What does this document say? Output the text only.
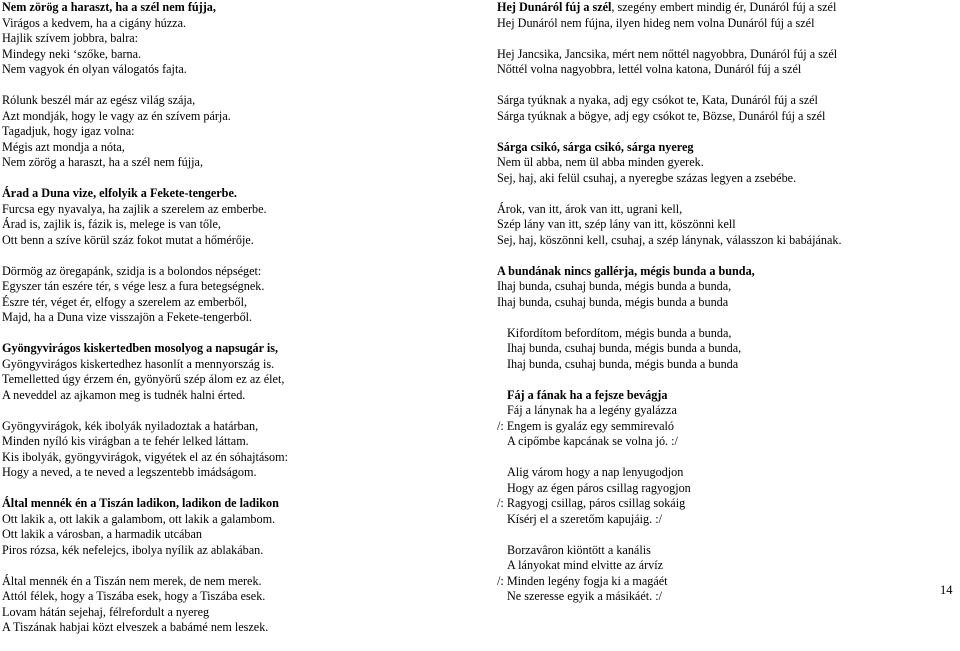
Nem zörög a haraszt, ha a szél nem fújja,
Virágos a kedvem, ha a cigány húzza.
Hajlik szívem jobbra, balra:
Mindegy neki ‘szőke, barna.
Nem vagyok én olyan válogatós fajta.
Rólunk beszél már az egész világ szája,
Azt mondják, hogy le vagy az én szívem párja.
Tagadjuk, hogy igaz volna:
Mégis azt mondja a nóta,
Nem zörög a haraszt, ha a szél nem fújja,
Árad a Duna vize, elfolyik a Fekete-tengerbe.
Furcsa egy nyavalya, ha zajlik a szerelem az emberbe.
Árad is, zajlik is, fázik is, melege is van tőle,
Ott benn a szíve körül száz fokot mutat a hőmérője.
Dörmög az öregapánk, szidja is a bolondos népséget:
Egyszer tán eszére tér, s vége lesz a fura betegségnek.
Észre tér, véget ér, elfogy a szerelem az emberből,
Majd, ha a Duna vize visszajön a Fekete-tengerből.
Gyöngyvirágos kiskertedben mosolyog a napsugár is,
Gyöngyvirágos kiskertedhez hasonlít a mennyország is.
Temelletted úgy érzem én, gyönyörű szép álom ez az élet,
A neveddel az ajkamon meg is tudnék halni érted.
Gyöngyvirágok, kék ibolyák nyiladoztak a határban,
Minden nyíló kis virágban a te fehér lelked láttam.
Kis ibolyák, gyöngyvirágok, vigyétek el az én sóhajtásom:
Hogy a neved, a te neved a legszentebb imádságom.
Által mennék én a Tiszán ladikon, ladikon de ladikon
Ott lakik a, ott lakik a galambom, ott lakik a galambom.
Ott lakik a városban, a harmadik utcában
Piros rózsa, kék nefelejcs, ibolya nyílik az ablakában.
Által mennék én a Tiszán nem merek, de nem merek.
Attól félek, hogy a Tiszába esek, hogy a Tiszába esek.
Lovam hátán sejehaj, félrefordult a nyereg
A Tiszának habjai közt elveszek a babámé nem leszek.
Hej Dunáról fúj a szél, szegény embert mindig ér, Dunáról fúj a szél
Hej Dunáról nem fújna, ilyen hideg nem volna Dunáról fúj a szél
Hej Jancsika, Jancsika, mért nem nőttél nagyobbra, Dunáról fúj a szél
Nőttél volna nagyobbra, lettél volna katona, Dunáról fúj a szél
Sárga tyúknak a nyaka, adj egy csókot te, Kata, Dunáról fúj a szél
Sárga tyúknak a bögye, adj egy csókot te, Bözse, Dunáról fúj a szél
Sárga csikó, sárga csikó, sárga nyereg
Nem ül abba, nem ül abba minden gyerek.
Sej, haj, aki felül csuhaj, a nyeregbe százas legyen a zsebébe.
Árok, van itt, árok van itt, ugrani kell,
Szép lány van itt, szép lány van itt, köszönni kell
Sej, haj, köszönni kell, csuhaj, a szép lánynak, válasszon ki babájának.
A bundának nincs gallérja, mégis bunda a bunda,
Ihaj bunda, csuhaj bunda, mégis bunda a bunda,
Ihaj bunda, csuhaj bunda, mégis bunda a bunda
Kifordítom befordítom, mégis bunda a bunda,
Ihaj bunda, csuhaj bunda, mégis bunda a bunda,
Ihaj bunda, csuhaj bunda, mégis bunda a bunda
Fáj a fának ha a fejsze bevágja
Fáj a lánynak ha a legény gyalázza
/: Engem is gyaláz egy semmirevaló
A cipőmbe kapcának se volna jó. :/
Alig várom hogy a nap lenyugodjon
Hogy az égen páros csillag ragyogjon
/: Ragyogj csillag, páros csillag sokáig
Kísérj el a szeretőm kapujáig. :/
Borzavâron kiöntött a kanális
A lányokat mind elvitte az árvíz
/: Minden legény fogja ki a magáét
Ne szeresse egyik a másikáét. :/	14
